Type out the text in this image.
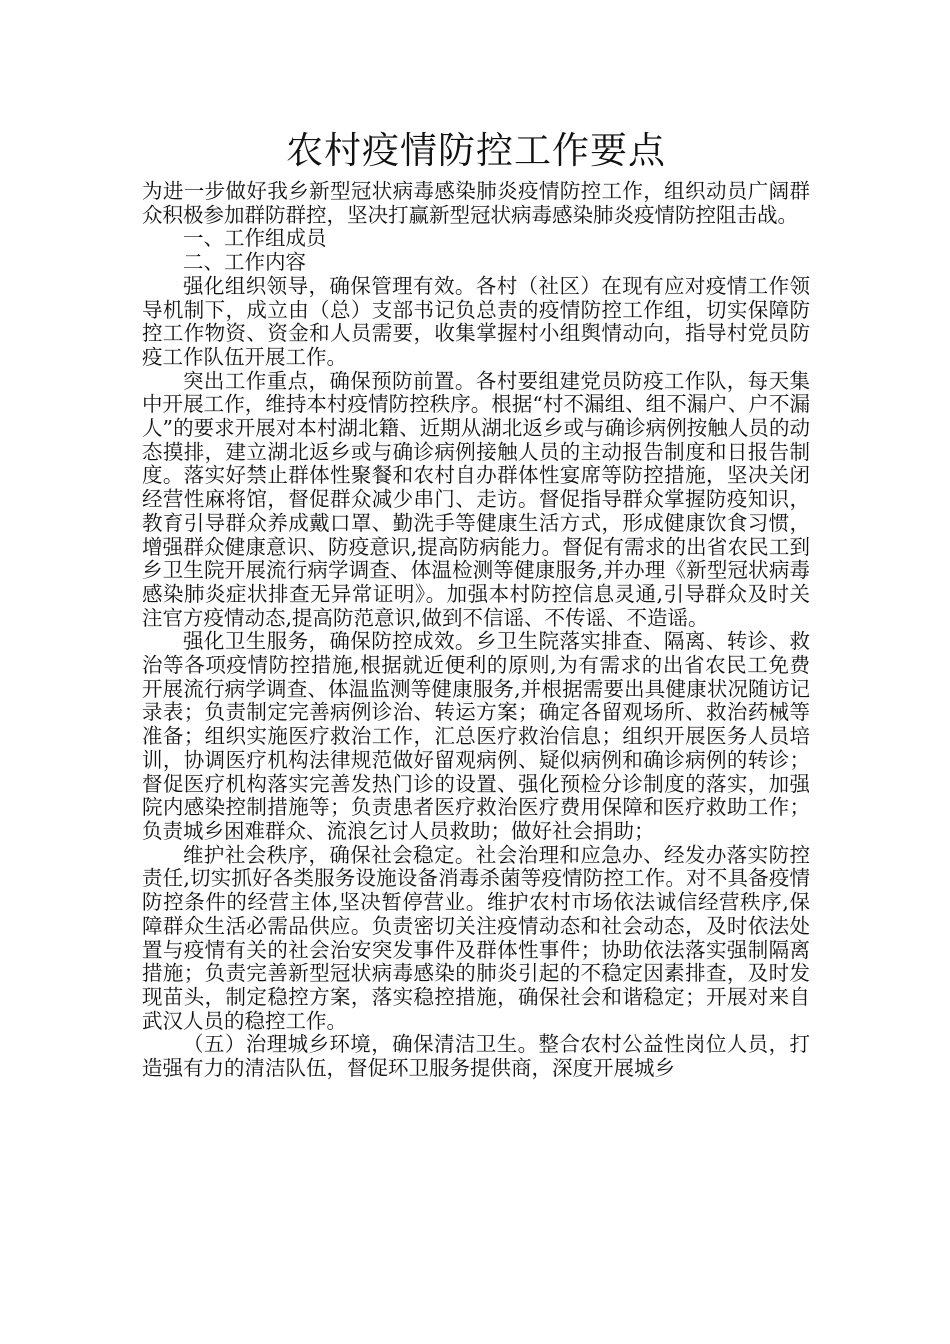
农村疫情防控工作要点

为进一步做好我乡新型冠状病毒感染肺炎疫情防控工作，组织动员广阔群众积极参加群防群控，坚决打赢新型冠状病毒感染肺炎疫情防控阻击战。

一、工作组成员

二、工作内容

强化组织领导，确保管理有效。各村（社区）在现有应对疫情工作领导机制下，成立由（总）支部书记负总责的疫情防控工作组，切实保障防控工作物资、资金和人员需要，收集掌握村小组舆情动向，指导村党员防疫工作队伍开展工作。

突出工作重点，确保预防前置。各村要组建党员防疫工作队，每天集中开展工作，维持本村疫情防控秩序。根据“村不漏组、组不漏户、户不漏人”的要求开展对本村湖北籍、近期从湖北返乡或与确诊病例按触人员的动态摸排，建立湖北返乡或与确诊病例接触人员的主动报告制度和日报告制度。落实好禁止群体性聚餐和农村自办群体性宴席等防控措施，坚决关闭经营性麻将馆，督促群众减少串门、走访。督促指导群众掌握防疫知识，教育引导群众养成戴口罩、勤洗手等健康生活方式，形成健康饮食习惯，增强群众健康意识、防疫意识,提高防病能力。督促有需求的出省农民工到乡卫生院开展流行病学调查、体温检测等健康服务,并办理《新型冠状病毒感染肺炎症状排查无异常证明》。加强本村防控信息灵通,引导群众及时关注官方疫情动态,提高防范意识,做到不信谣、不传谣、不造谣。

强化卫生服务，确保防控成效。乡卫生院落实排查、隔离、转诊、救治等各项疫情防控措施,根据就近便利的原则,为有需求的出省农民工免费开展流行病学调查、体温监测等健康服务,并根据需要出具健康状况随访记录表；负责制定完善病例诊治、转运方案；确定各留观场所、救治药械等准备；组织实施医疗救治工作，汇总医疗救治信息；组织开展医务人员培训，协调医疗机构法律规范做好留观病例、疑似病例和确诊病例的转诊；督促医疗机构落实完善发热门诊的设置、强化预检分诊制度的落实，加强院内感染控制措施等；负责患者医疗救治医疗费用保障和医疗救助工作；负责城乡困难群众、流浪乞讨人员救助；做好社会捐助；

维护社会秩序，确保社会稳定。社会治理和应急办、经发办落实防控责任,切实抓好各类服务设施设备消毒杀菌等疫情防控工作。对不具备疫情防控条件的经营主体,坚决暂停营业。维护农村市场依法诚信经营秩序,保障群众生活必需品供应。负责密切关注疫情动态和社会动态，及时依法处置与疫情有关的社会治安突发事件及群体性事件；协助依法落实强制隔离措施；负责完善新型冠状病毒感染的肺炎引起的不稳定因素排查，及时发现苗头，制定稳控方案，落实稳控措施，确保社会和谐稳定；开展对来自武汉人员的稳控工作。

（五）治理城乡环境，确保清洁卫生。整合农村公益性岗位人员，打造强有力的清洁队伍，督促环卫服务提供商，深度开展城乡
